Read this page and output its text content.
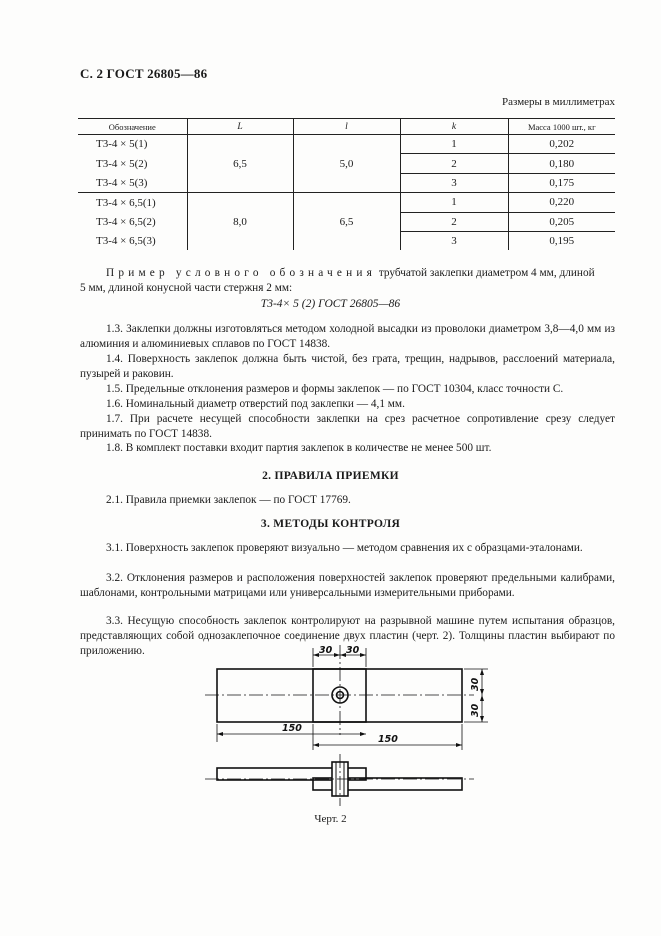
С. 2 ГОСТ 26805—86
Размеры в миллиметрах
Обозначение	L	l	k	Масса 1000 шт., кг
Т3-4 × 5(1)	6,5	5,0	1	0,202
Т3-4 × 5(2)			2	0,180
Т3-4 × 5(3)			3	0,175
Т3-4 × 6,5(1)	8,0	6,5	1	0,220
Т3-4 × 6,5(2)			2	0,205
Т3-4 × 6,5(3)			3	0,195
Пример условного обозначения трубчатой заклепки диаметром 4 мм, длиной
5 мм, длиной конусной части стержня 2 мм:
Т3-4× 5 (2) ГОСТ 26805—86
1.3. Заклепки должны изготовляться методом холодной высадки из проволоки диаметром 3,8—4,0 мм из алюминия и алюминиевых сплавов по ГОСТ 14838.
1.4. Поверхность заклепок должна быть чистой, без грата, трещин, надрывов, расслоений материала, пузырей и раковин.
1.5. Предельные отклонения размеров и формы заклепок — по ГОСТ 10304, класс точности С.
1.6. Номинальный диаметр отверстий под заклепки — 4,1 мм.
1.7. При расчете несущей способности заклепки на срез расчетное сопротивление срезу следует принимать по ГОСТ 14838.
1.8. В комплект поставки входит партия заклепок в количестве не менее 500 шт.
2. ПРАВИЛА ПРИЕМКИ
2.1. Правила приемки заклепок — по ГОСТ 17769.
3. МЕТОДЫ КОНТРОЛЯ
3.1. Поверхность заклепок проверяют визуально — методом сравнения их с образцами-эталонами.
3.2. Отклонения размеров и расположения поверхностей заклепок проверяют предельными калибрами, шаблонами, контрольными матрицами или универсальными измерительными приборами.
3.3. Несущую способность заклепок контролируют на разрывной машине путем испытания образцов, представляющих собой однозаклепочное соединение двух пластин (черт. 2). Толщины пластин выбирают по приложению.	30 30
30
30
150
150
Черт. 2
